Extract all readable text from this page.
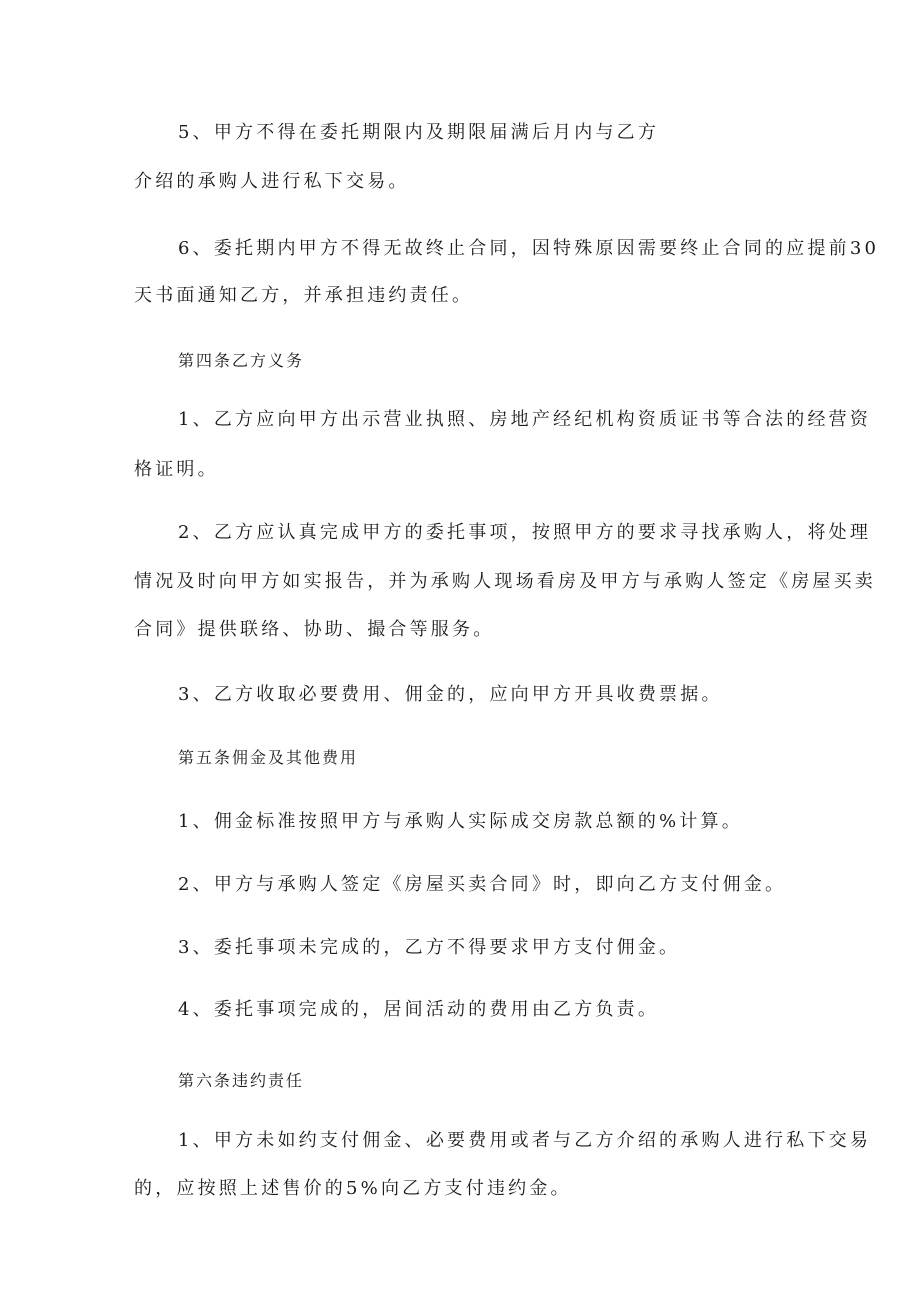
5、甲方不得在委托期限内及期限届满后月内与乙方
介绍的承购人进行私下交易。
6、委托期内甲方不得无故终止合同，因特殊原因需要终止合同的应提前30
天书面通知乙方，并承担违约责任。
第四条乙方义务
1、乙方应向甲方出示营业执照、房地产经纪机构资质证书等合法的经营资
格证明。
2、乙方应认真完成甲方的委托事项，按照甲方的要求寻找承购人，将处理
情况及时向甲方如实报告，并为承购人现场看房及甲方与承购人签定《房屋买卖
合同》提供联络、协助、撮合等服务。
3、乙方收取必要费用、佣金的，应向甲方开具收费票据。
第五条佣金及其他费用
1、佣金标准按照甲方与承购人实际成交房款总额的%计算。
2、甲方与承购人签定《房屋买卖合同》时，即向乙方支付佣金。
3、委托事项未完成的，乙方不得要求甲方支付佣金。
4、委托事项完成的，居间活动的费用由乙方负责。
第六条违约责任
1、甲方未如约支付佣金、必要费用或者与乙方介绍的承购人进行私下交易
的，应按照上述售价的5%向乙方支付违约金。
